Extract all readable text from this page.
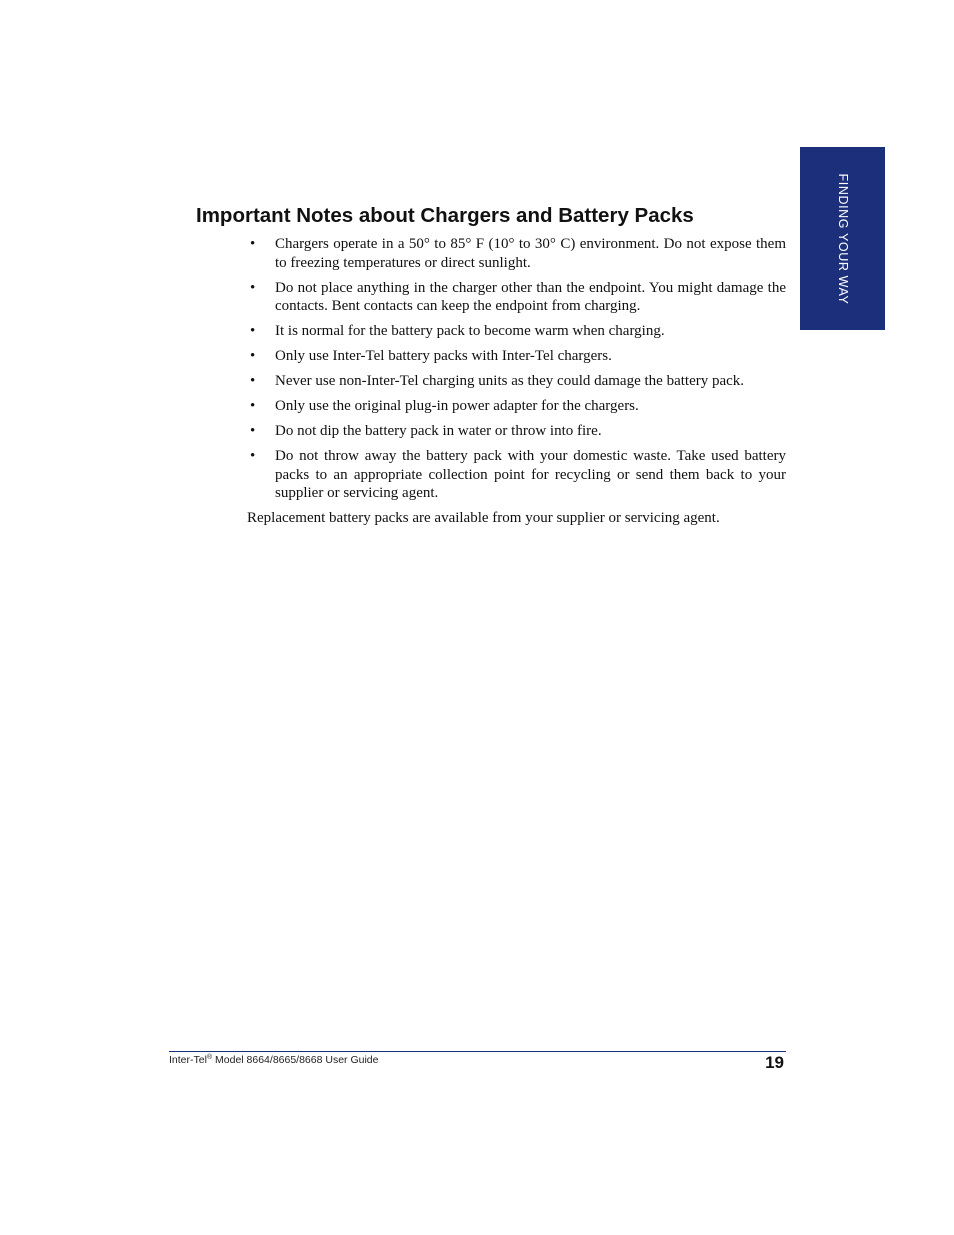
FINDING YOUR WAY
Important Notes about Chargers and Battery Packs
• Chargers operate in a 50° to 85° F (10° to 30° C) environment. Do not expose them to freezing temperatures or direct sunlight.
• Do not place anything in the charger other than the endpoint. You might damage the contacts. Bent contacts can keep the endpoint from charging.
• It is normal for the battery pack to become warm when charging.
• Only use Inter-Tel battery packs with Inter-Tel chargers.
• Never use non-Inter-Tel charging units as they could damage the battery pack.
• Only use the original plug-in power adapter for the chargers.
• Do not dip the battery pack in water or throw into fire.
• Do not throw away the battery pack with your domestic waste. Take used battery packs to an appropriate collection point for recycling or send them back to your supplier or servicing agent.

Replacement battery packs are available from your supplier or servicing agent.

Inter-Tel® Model 8664/8665/8668 User Guide	19
